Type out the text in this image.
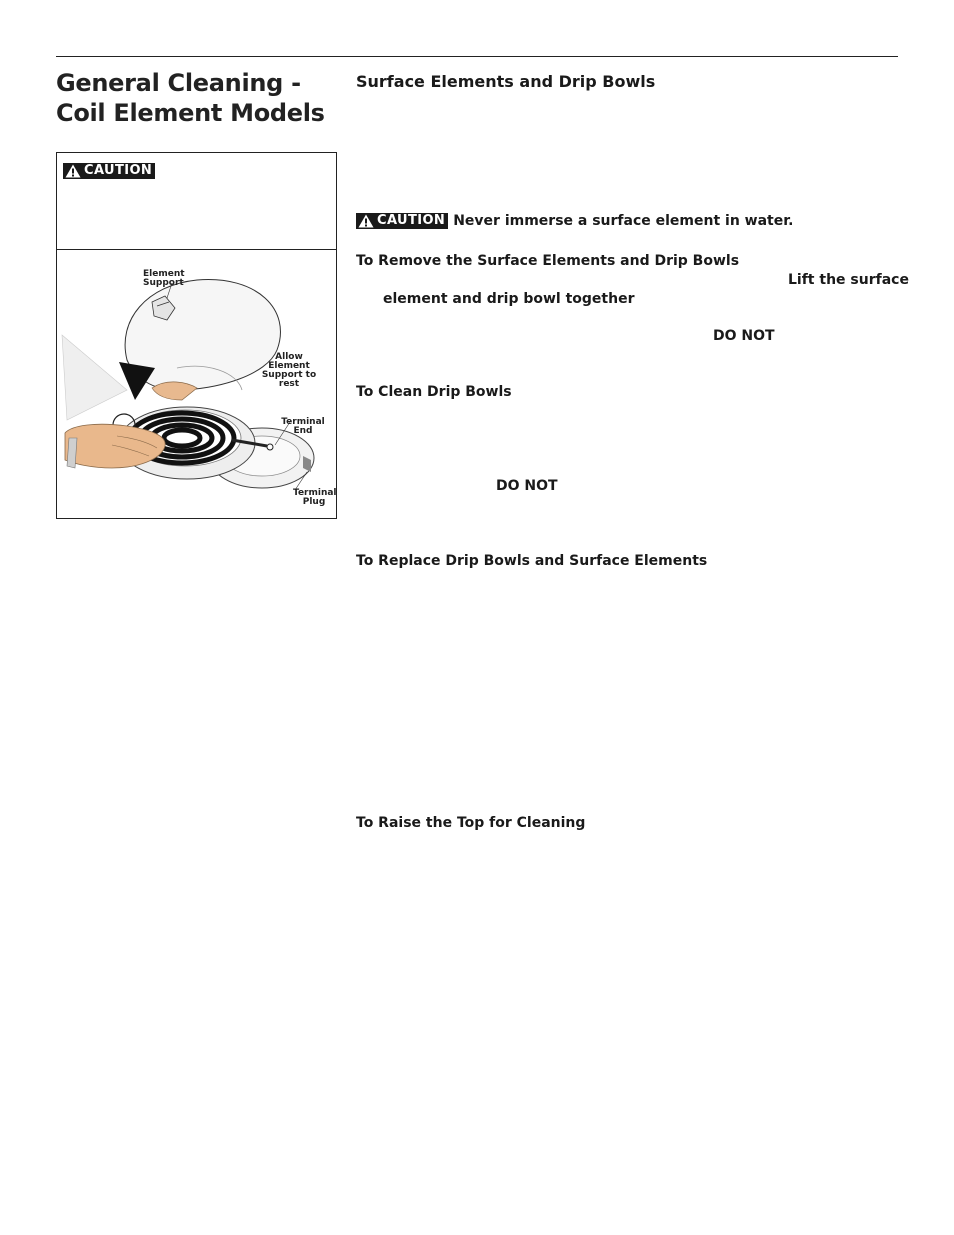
General Cleaning - Coil Element Models
CAUTION
Element Support
Allow Element Support to rest
Terminal End
Terminal Plug
Surface Elements and Drip Bowls
CAUTION Never immerse a surface element in water.
To Remove the Surface Elements and Drip Bowls
Lift the surface
element and drip bowl together
DO NOT
To Clean Drip Bowls
DO NOT
To Replace Drip Bowls and Surface Elements
To Raise the Top for Cleaning
